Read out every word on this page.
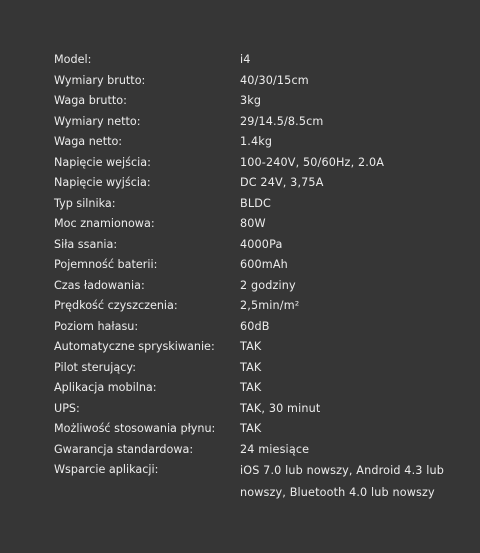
Model:	i4
Wymiary brutto:	40/30/15cm
Waga brutto:	3kg
Wymiary netto:	29/14.5/8.5cm
Waga netto:	1.4kg
Napięcie wejścia:	100-240V, 50/60Hz, 2.0A
Napięcie wyjścia:	DC 24V, 3,75A
Typ silnika:	BLDC
Moc znamionowa:	80W
Siła ssania:	4000Pa
Pojemność baterii:	600mAh
Czas ładowania:	2 godziny
Prędkość czyszczenia:	2,5min/m²
Poziom hałasu:	60dB
Automatyczne spryskiwanie:	TAK
Pilot sterujący:	TAK
Aplikacja mobilna:	TAK
UPS:	TAK, 30 minut
Możliwość stosowania płynu:	TAK
Gwarancja standardowa:	24 miesiące
Wsparcie aplikacji:	iOS 7.0 lub nowszy, Android 4.3 lub nowszy, Bluetooth 4.0 lub nowszy
